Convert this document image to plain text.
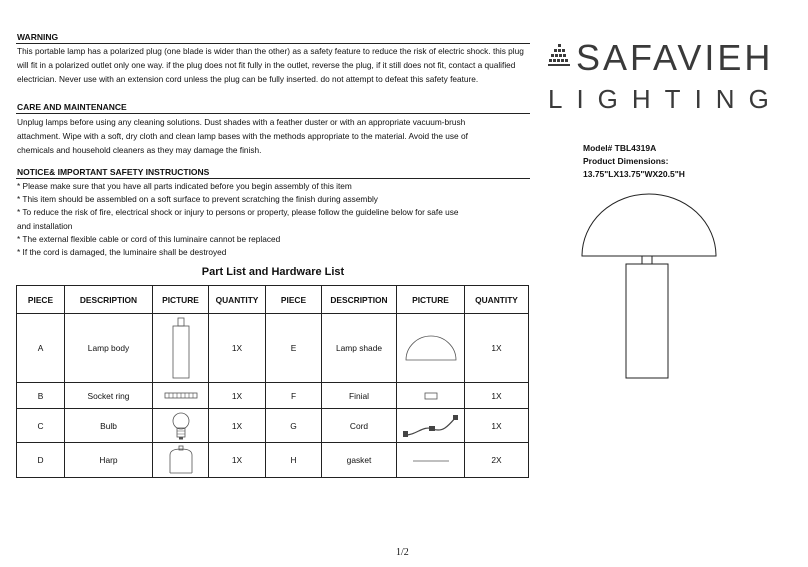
WARNING

This portable lamp has a polarized plug (one blade is wider than the other) as a safety feature to reduce the risk of electric shock. this plug

will fit in a polarized outlet only one way. if the plug does not fit fully in the outlet, reverse the plug, if it still does not fit, contact a qualified

electrician. Never use with an extension cord unless the plug can be fully inserted. do not attempt to defeat this safety feature.

CARE AND MAINTENANCE

Unplug lamps before using any cleaning solutions. Dust shades with a feather duster or with an appropriate vacuum-brush

attachment. Wipe with a soft, dry cloth and clean lamp bases with the methods appropriate to the material. Avoid the use of

chemicals and household cleaners as they may damage the finish.

NOTICE& IMPORTANT SAFETY INSTRUCTIONS

* Please make sure that you have all parts indicated before you begin assembly of this item

* This item should be assembled on a soft surface to prevent scratching the finish during assembly

* To reduce the risk of fire, electrical shock or injury to persons or property, please follow the guideline below for safe use

and installation

* The external flexible cable or cord of this luminaire cannot be replaced

* If the cord is damaged, the luminaire shall be destroyed

SAFAVIEH
LIGHTING
Model# TBL4319A
Product Dimensions:
13.75"LX13.75"WX20.5"H
Part List and Hardware List
PIECE	DESCRIPTION	PICTURE	QUANTITY	PIECE	DESCRIPTION	PICTURE	QUANTITY
A	Lamp body		1X	E	Lamp shade		1X
B	Socket ring		1X	F	Finial		1X
C	Bulb		1X	G	Cord		1X
D	Harp		1X	H	gasket		2X
1/2
